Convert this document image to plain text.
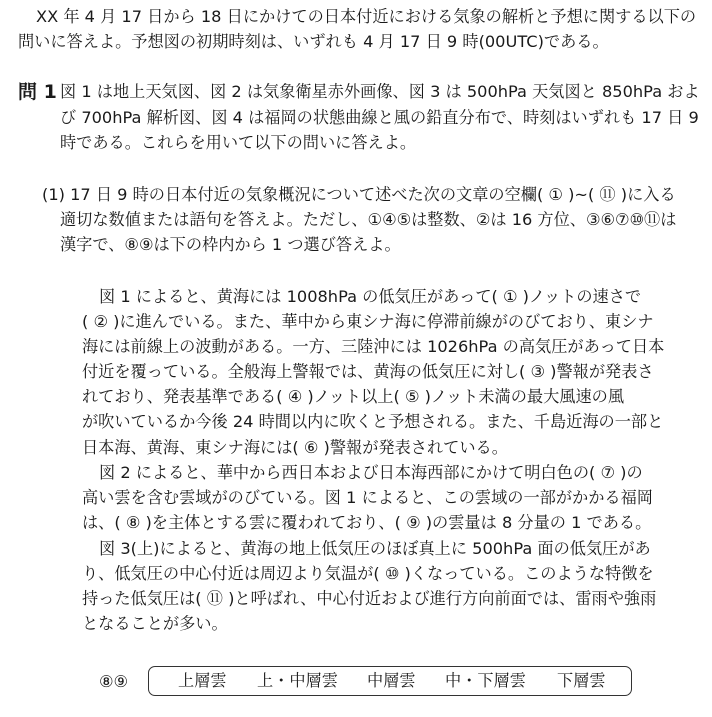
XX 年 4 月 17 日から 18 日にかけての日本付近における気象の解析と予想に関する以下の
問いに答えよ。予想図の初期時刻は、いずれも 4 月 17 日 9 時(00UTC)である。
問 1 図 1 は地上天気図、図 2 は気象衛星赤外画像、図 3 は 500hPa 天気図と 850hPa およ
び 700hPa 解析図、図 4 は福岡の状態曲線と風の鉛直分布で、時刻はいずれも 17 日 9
時である。これらを用いて以下の問いに答えよ。
(1) 17 日 9 時の日本付近の気象概況について述べた次の文章の空欄( ① )~( ⑪ )に入る
適切な数値または語句を答えよ。ただし、①④⑤は整数、②は 16 方位、③⑥⑦⑩⑪は
漢字で、⑧⑨は下の枠内から 1 つ選び答えよ。
図 1 によると、黄海には 1008hPa の低気圧があって( ① )ノットの速さで
( ② )に進んでいる。また、華中から東シナ海に停滞前線がのびており、東シナ
海には前線上の波動がある。一方、三陸沖には 1026hPa の高気圧があって日本
付近を覆っている。全般海上警報では、黄海の低気圧に対し( ③ )警報が発表さ
れており、発表基準である( ④ )ノット以上( ⑤ )ノット未満の最大風速の風
が吹いているか今後 24 時間以内に吹くと予想される。また、千島近海の一部と
日本海、黄海、東シナ海には( ⑥ )警報が発表されている。
図 2 によると、華中から西日本および日本海西部にかけて明白色の( ⑦ )の
高い雲を含む雲域がのびている。図 1 によると、この雲域の一部がかかる福岡
は、( ⑧ )を主体とする雲に覆われており、( ⑨ )の雲量は 8 分量の 1 である。
図 3(上)によると、黄海の地上低気圧のほぼ真上に 500hPa 面の低気圧があ
り、低気圧の中心付近は周辺より気温が( ⑩ )くなっている。このような特徴を
持った低気圧は( ⑪ )と呼ばれ、中心付近および進行方向前面では、雷雨や強雨
となることが多い。
⑧⑨	上層雲 上・中層雲 中層雲 中・下層雲 下層雲
